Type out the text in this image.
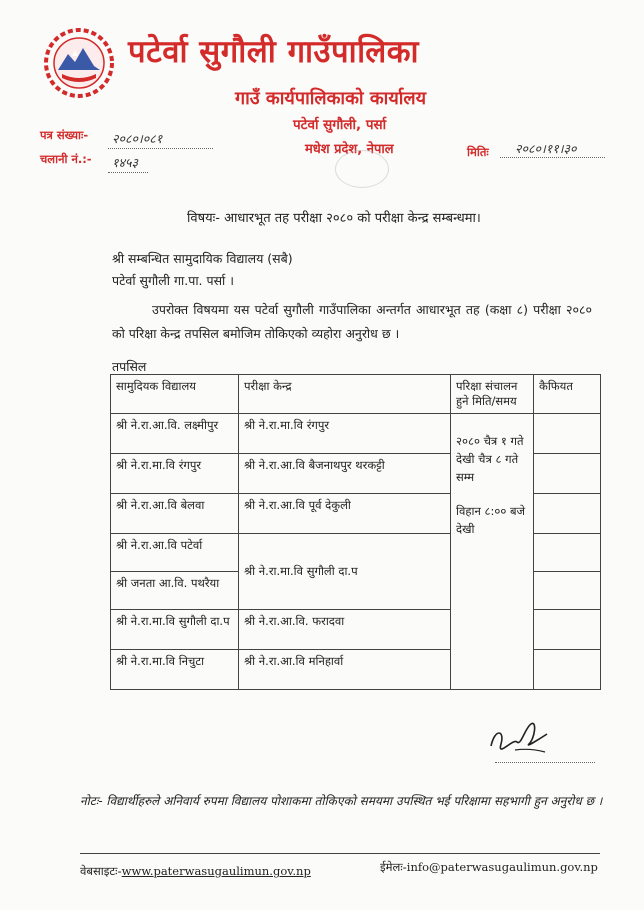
पटेर्वा सुगौली गाउँपालिका
गाउँ कार्यपालिकाको कार्यालय
पटेर्वा सुगौली, पर्सा
मधेश प्रदेश, नेपाल
पत्र संख्याः- २०८०।०८१
चलानी नं.:- १४५३
मितिः २०८०।११।३०
विषयः- आधारभूत तह परीक्षा २०८० को परीक्षा केन्द्र सम्बन्धमा।
श्री सम्बन्धित सामुदायिक विद्यालय (सबै)
पटेर्वा सुगौली गा.पा. पर्सा ।
उपरोक्त विषयमा यस पटेर्वा सुगौली गाउँपालिका अन्तर्गत आधारभूत तह (कक्षा ८) परीक्षा २०८० को परिक्षा केन्द्र तपसिल बमोजिम तोकिएको व्यहोरा अनुरोध छ ।
तपसिल
सामुदियक विद्यालय	परीक्षा केन्द्र	परिक्षा संचालन हुने मिति/समय	कैफियत
श्री ने.रा.आ.वि. लक्ष्मीपुर	श्री ने.रा.मा.वि रंगपुर	२०८० चैत्र १ गते देखी चैत्र ८ गते सम्म
विहान ८:०० बजे देखी	

श्री ने.रा.मा.वि रंगपुर	श्री ने.रा.आ.वि बैजनाथपुर थरकट्टी		
श्री ने.रा.आ.वि बेलवा	श्री ने.रा.आ.वि पूर्व देकुली		
श्री ने.रा.आ.वि पटेर्वा	श्री ने.रा.मा.वि सुगौली दा.प		
श्री जनता आ.वि. पथरैया			
श्री ने.रा.मा.वि सुगौली दा.प	श्री ने.रा.आ.वि. फरादवा		
श्री ने.रा.मा.वि निचुटा	श्री ने.रा.आ.वि मनिहार्वा		
नोटः- विद्यार्थीहरुले अनिवार्य रुपमा विद्यालय पोशाकमा तोकिएको समयमा उपस्थित भई परिक्षामा सहभागी हुन अनुरोध छ ।
वेबसाइटः-www.paterwasugaulimun.gov.np	ईमेलः-info@paterwasugaulimun.gov.np
